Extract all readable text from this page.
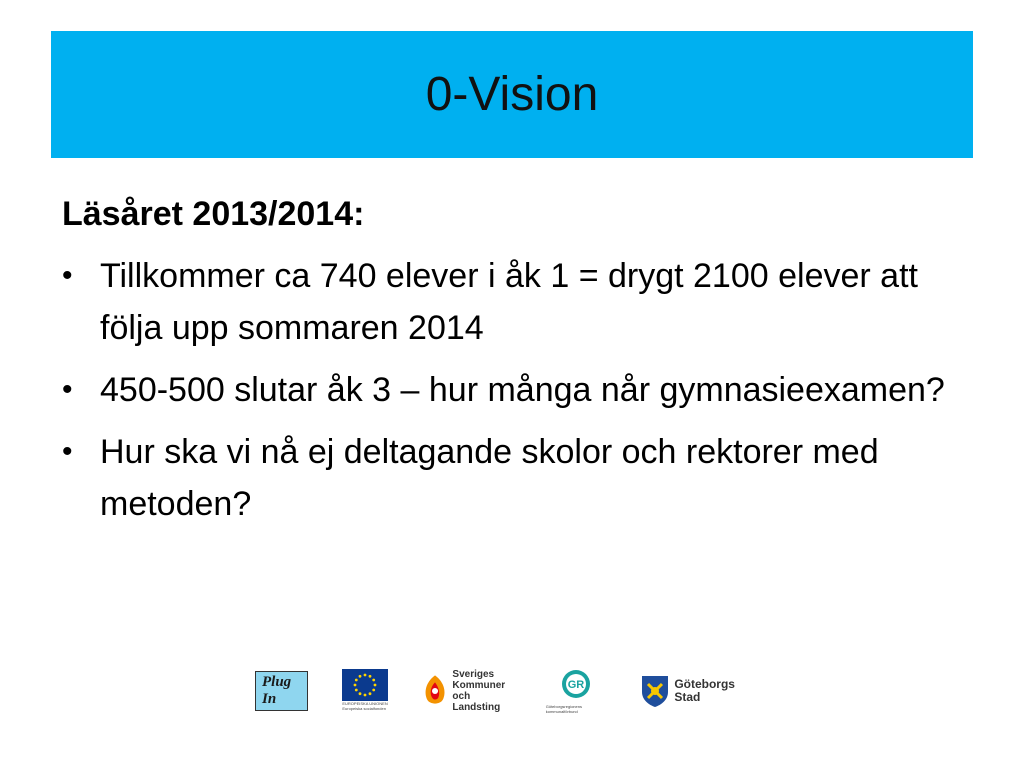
0-Vision

Läsåret 2013/2014:

• Tillkommer ca 740 elever i åk 1 = drygt 2100 elever att följa upp sommaren 2014
• 450-500 slutar åk 3 – hur många når gymnasieexamen?
• Hur ska vi nå ej deltagande skolor och rektorer med metoden?
Plug In	EUROPEISKA UNIONEN Europeiska socialfonden
Sveriges
Kommuner
och Landsting
GR
Göteborgsregionens kommunalförbund
Göteborgs
Stad
